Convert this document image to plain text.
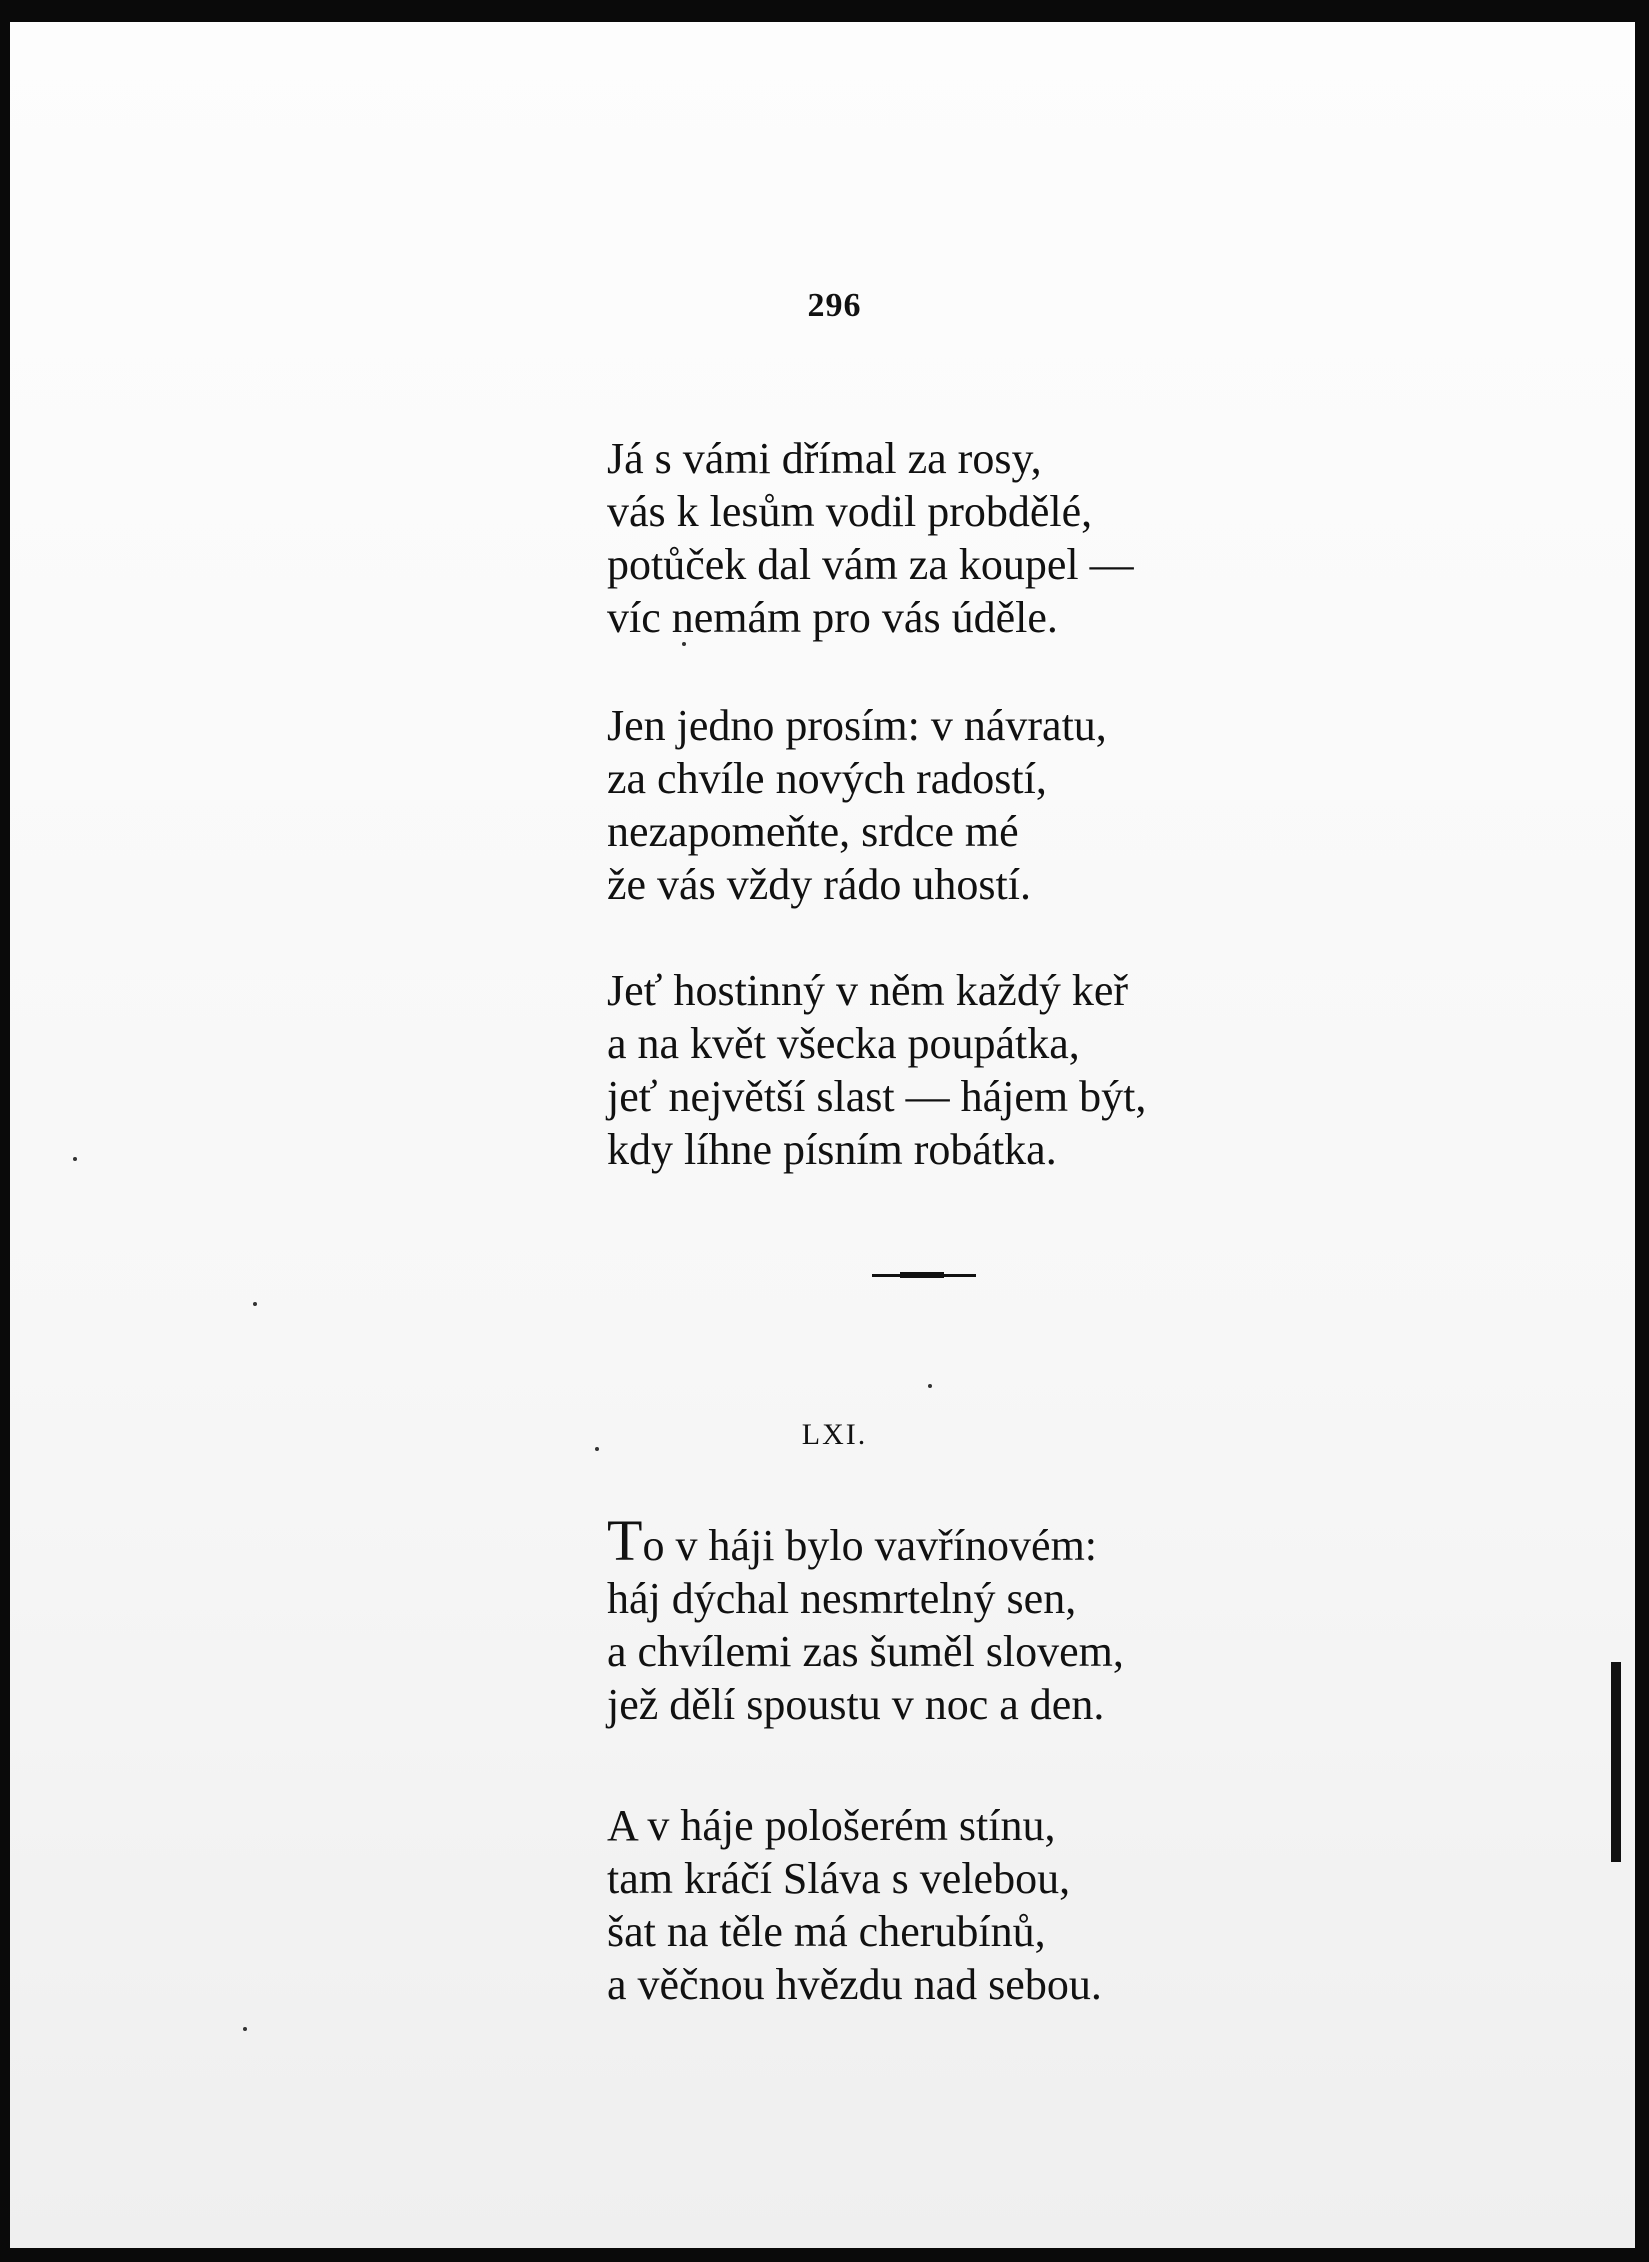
296
Já s vámi dřímal za rosy,
vás k lesům vodil probdělé,
potůček dal vám za koupel —
víc nemám pro vás úděle.
Jen jedno prosím: v návratu,
za chvíle nových radostí,
nezapomeňte, srdce mé
že vás vždy rádo uhostí.
Jeť hostinný v něm každý keř
a na květ všecka poupátka,
jeť největší slast — hájem být,
kdy líhne písním robátka.
LXI.
To v háji bylo vavřínovém:
háj dýchal nesmrtelný sen,
a chvílemi zas šuměl slovem,
jež dělí spoustu v noc a den.
A v háje pološerém stínu,
tam kráčí Sláva s velebou,
šat na těle má cherubínů,
a věčnou hvězdu nad sebou.
